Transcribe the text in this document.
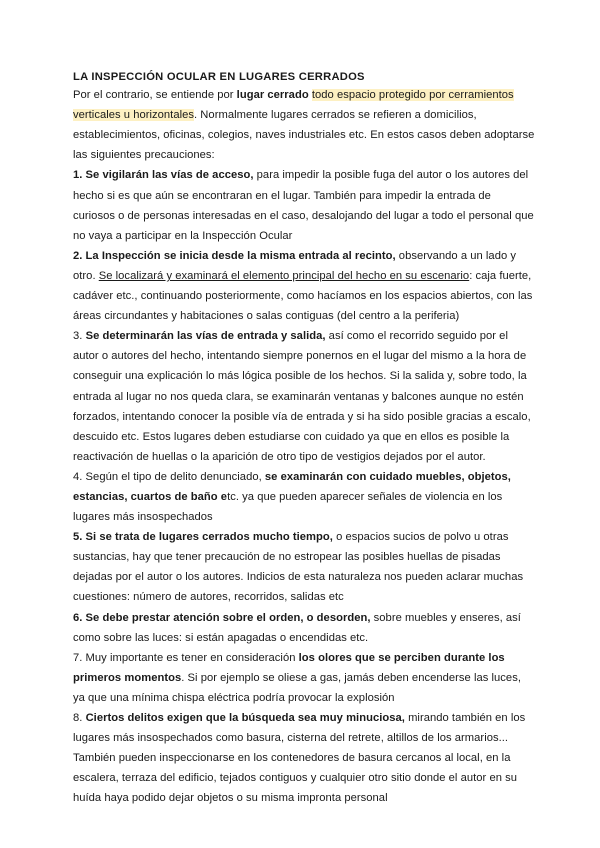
LA INSPECCIÓN OCULAR EN LUGARES CERRADOS

Por el contrario, se entiende por lugar cerrado todo espacio protegido por cerramientos verticales u horizontales. Normalmente lugares cerrados se refieren a domicilios, establecimientos, oficinas, colegios, naves industriales etc. En estos casos deben adoptarse las siguientes precauciones:

1. Se vigilarán las vías de acceso, para impedir la posible fuga del autor o los autores del hecho si es que aún se encontraran en el lugar. También para impedir la entrada de curiosos o de personas interesadas en el caso, desalojando del lugar a todo el personal que no vaya a participar en la Inspección Ocular

2. La Inspección se inicia desde la misma entrada al recinto, observando a un lado y otro. Se localizará y examinará el elemento principal del hecho en su escenario: caja fuerte, cadáver etc., continuando posteriormente, como hacíamos en los espacios abiertos, con las áreas circundantes y habitaciones o salas contiguas (del centro a la periferia)

3. Se determinarán las vías de entrada y salida, así como el recorrido seguido por el autor o autores del hecho, intentando siempre ponernos en el lugar del mismo a la hora de conseguir una explicación lo más lógica posible de los hechos. Si la salida y, sobre todo, la entrada al lugar no nos queda clara, se examinarán ventanas y balcones aunque no estén forzados, intentando conocer la posible vía de entrada y si ha sido posible gracias a escalo, descuido etc. Estos lugares deben estudiarse con cuidado ya que en ellos es posible la reactivación de huellas o la aparición de otro tipo de vestigios dejados por el autor.

4. Según el tipo de delito denunciado, se examinarán con cuidado muebles, objetos, estancias, cuartos de baño etc. ya que pueden aparecer señales de violencia en los lugares más insospechados

5. Si se trata de lugares cerrados mucho tiempo, o espacios sucios de polvo u otras sustancias, hay que tener precaución de no estropear las posibles huellas de pisadas dejadas por el autor o los autores. Indicios de esta naturaleza nos pueden aclarar muchas cuestiones: número de autores, recorridos, salidas etc

6. Se debe prestar atención sobre el orden, o desorden, sobre muebles y enseres, así como sobre las luces: si están apagadas o encendidas etc.

7. Muy importante es tener en consideración los olores que se perciben durante los primeros momentos. Si por ejemplo se oliese a gas, jamás deben encenderse las luces, ya que una mínima chispa eléctrica podría provocar la explosión

8. Ciertos delitos exigen que la búsqueda sea muy minuciosa, mirando también en los lugares más insospechados como basura, cisterna del retrete, altillos de los armarios... También pueden inspeccionarse en los contenedores de basura cercanos al local, en la escalera, terraza del edificio, tejados contiguos y cualquier otro sitio donde el autor en su huída haya podido dejar objetos o su misma impronta personal
